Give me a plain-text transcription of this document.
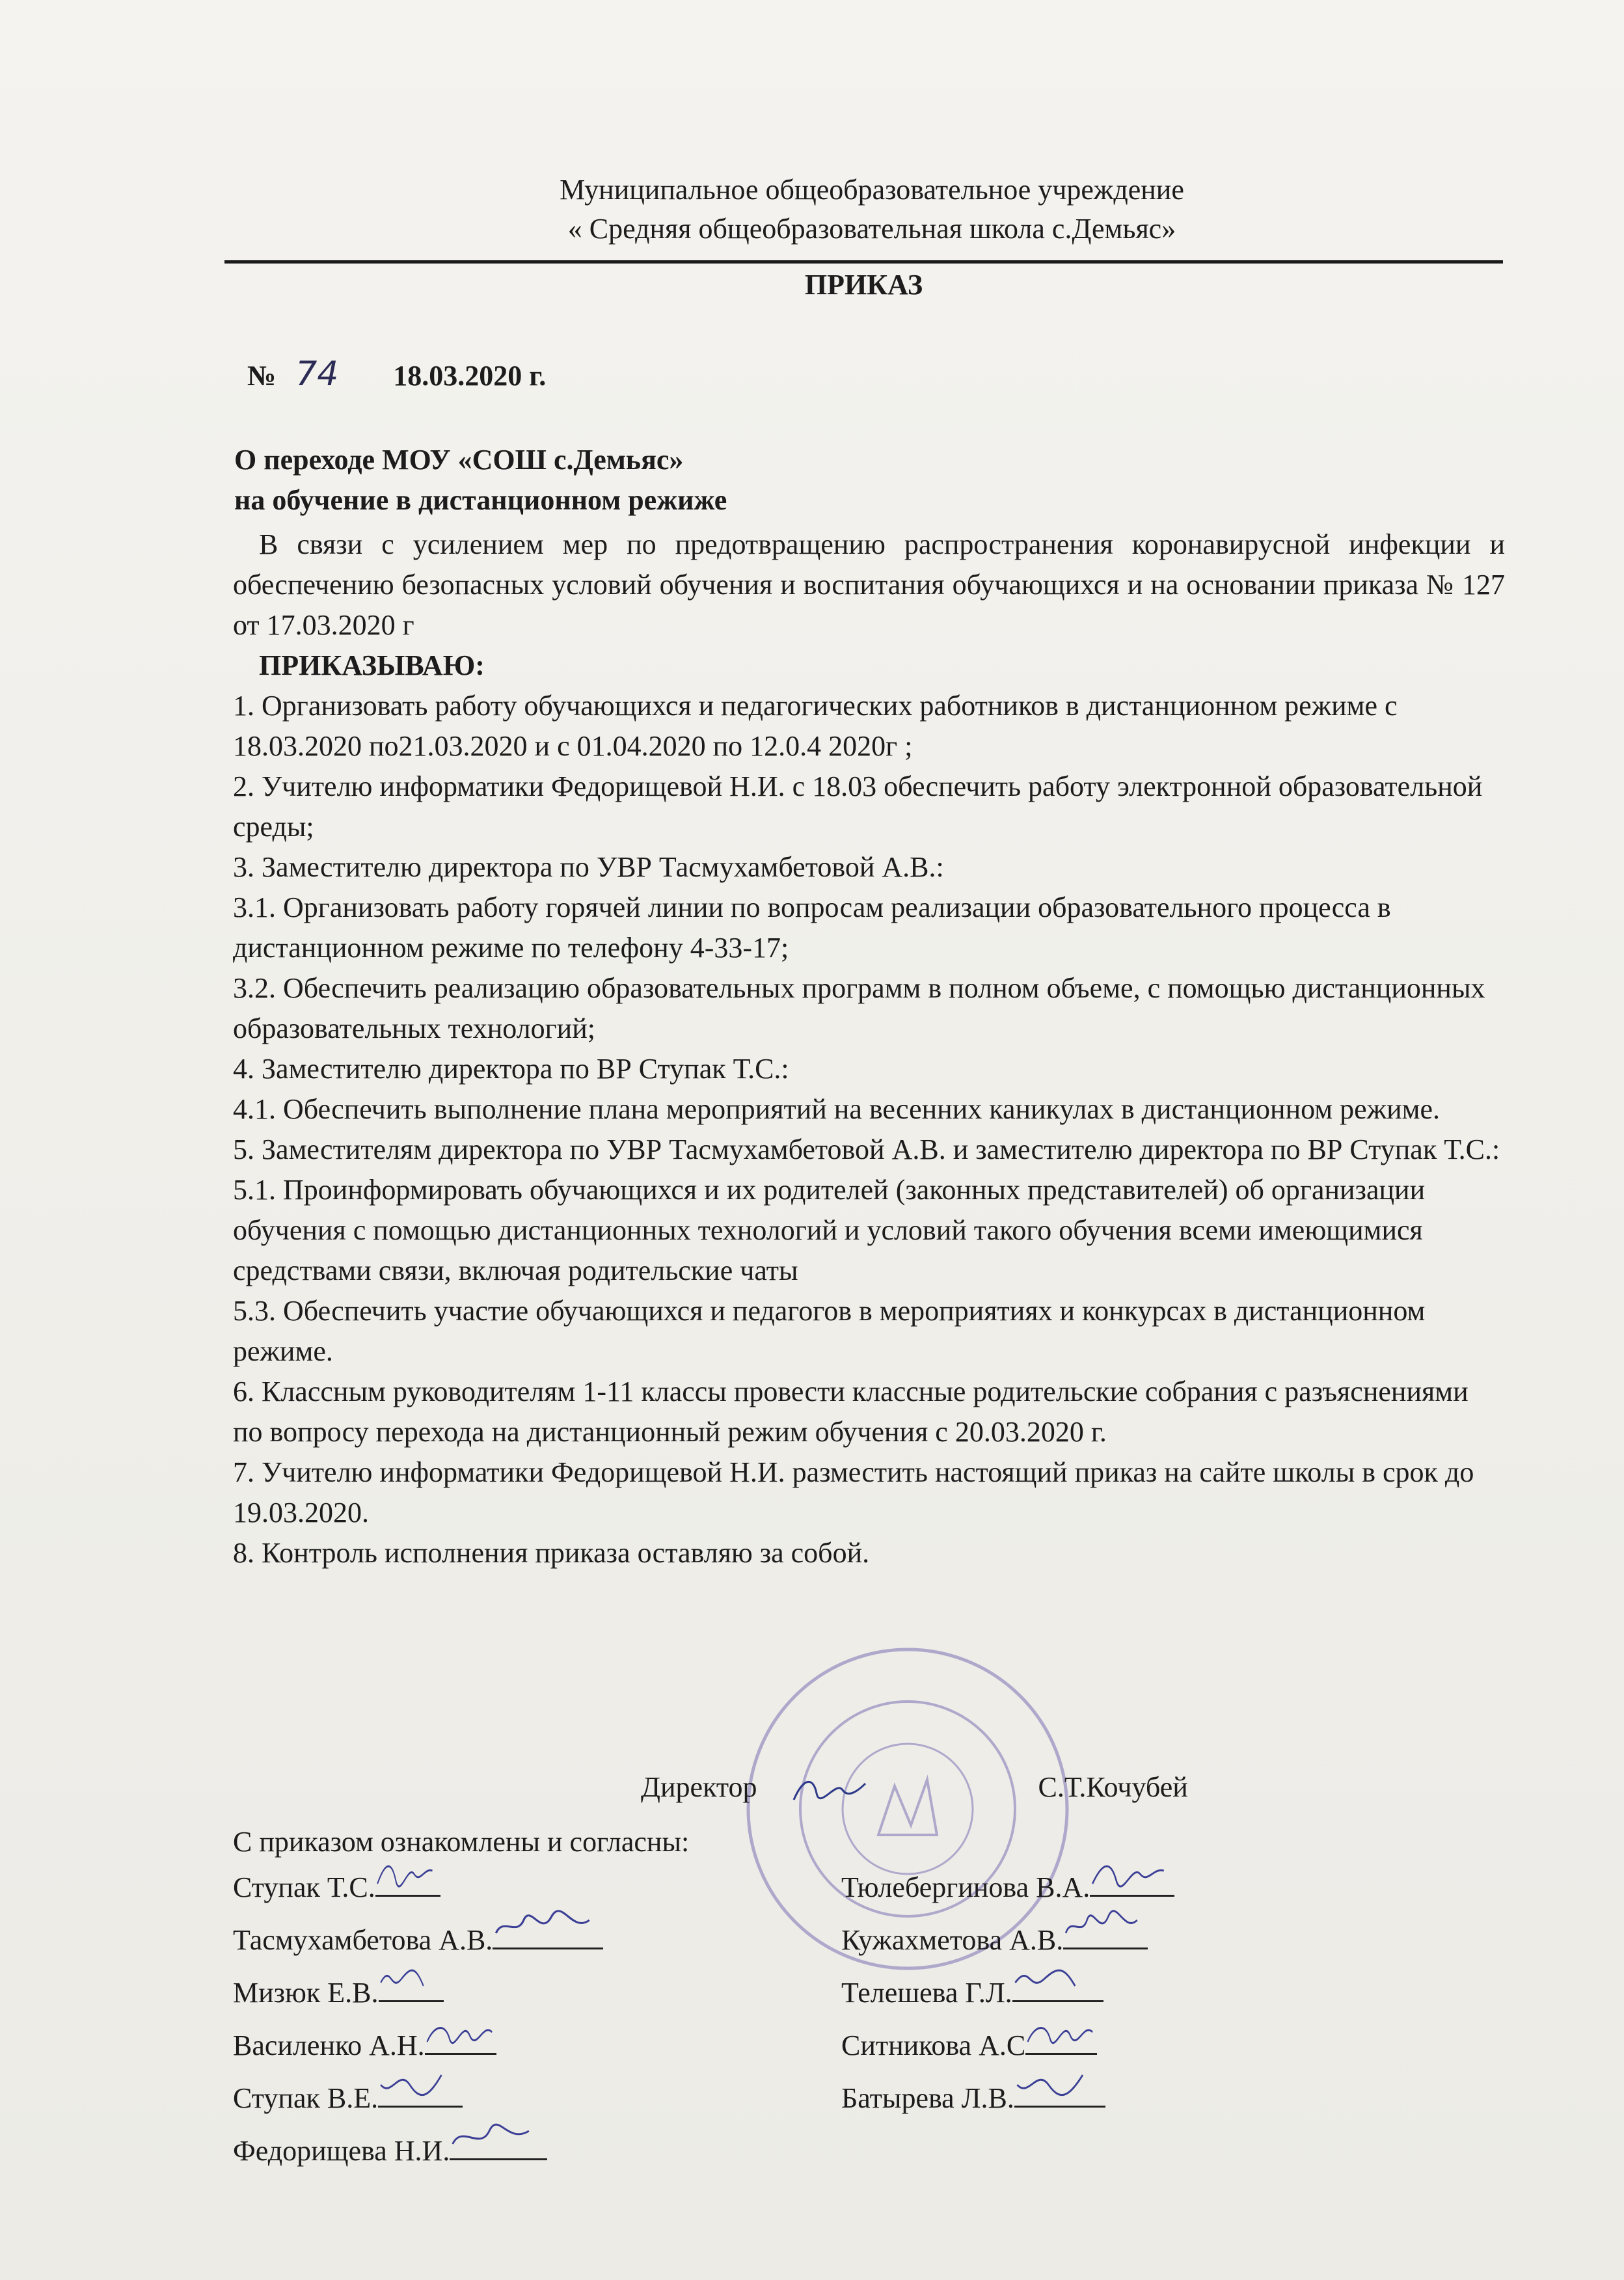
Муниципальное общеобразовательное учреждение
« Средняя общеобразовательная школа с.Демьяс»
ПРИКАЗ
№ 74 18.03.2020 г.
О переходе МОУ «СОШ с.Демьяс»
на обучение в дистанционном режиже

В связи с усилением мер по предотвращению распространения коронавирусной инфекции и обеспечению безопасных условий обучения и воспитания обучающихся и на основании приказа № 127 от 17.03.2020 г

ПРИКАЗЫВАЮ:

1. Организовать работу обучающихся и педагогических работников в дистанционном режиме с 18.03.2020 по21.03.2020 и с 01.04.2020 по 12.0.4 2020г ;

2. Учителю информатики Федорищевой Н.И. с 18.03 обеспечить работу электронной образовательной среды;

3. Заместителю директора по УВР Тасмухамбетовой А.В.:

3.1. Организовать работу горячей линии по вопросам реализации образовательного процесса в дистанционном режиме по телефону 4-33-17;

3.2. Обеспечить реализацию образовательных программ в полном объеме, с помощью дистанционных образовательных технологий;

4. Заместителю директора по ВР Ступак Т.С.:

4.1. Обеспечить выполнение плана мероприятий на весенних каникулах в дистанционном режиме.

5. Заместителям директора по УВР Тасмухамбетовой А.В. и заместителю директора по ВР Ступак Т.С.:

5.1. Проинформировать обучающихся и их родителей (законных представителей) об организации обучения с помощью дистанционных технологий и условий такого обучения всеми имеющимися средствами связи, включая родительские чаты

5.3. Обеспечить участие обучающихся и педагогов в мероприятиях и конкурсах в дистанционном режиме.

6. Классным руководителям 1-11 классы провести классные родительские собрания с разъяснениями по вопросу перехода на дистанционный режим обучения с 20.03.2020 г.

7. Учителю информатики Федорищевой Н.И. разместить настоящий приказ на сайте школы в срок до 19.03.2020.

8. Контроль исполнения приказа оставляю за собой.

Директор	С.Т.Кочубей
С приказом ознакомлены и согласны:
Ступак Т.С.
Тасмухамбетова А.В.
Мизюк Е.В.
Василенко А.Н.
Ступак В.Е.
Федорищева Н.И.
Тюлебергинова В.А.
Кужахметова А.В.
Телешева Г.Л.
Ситникова А.С
Батырева Л.В.
